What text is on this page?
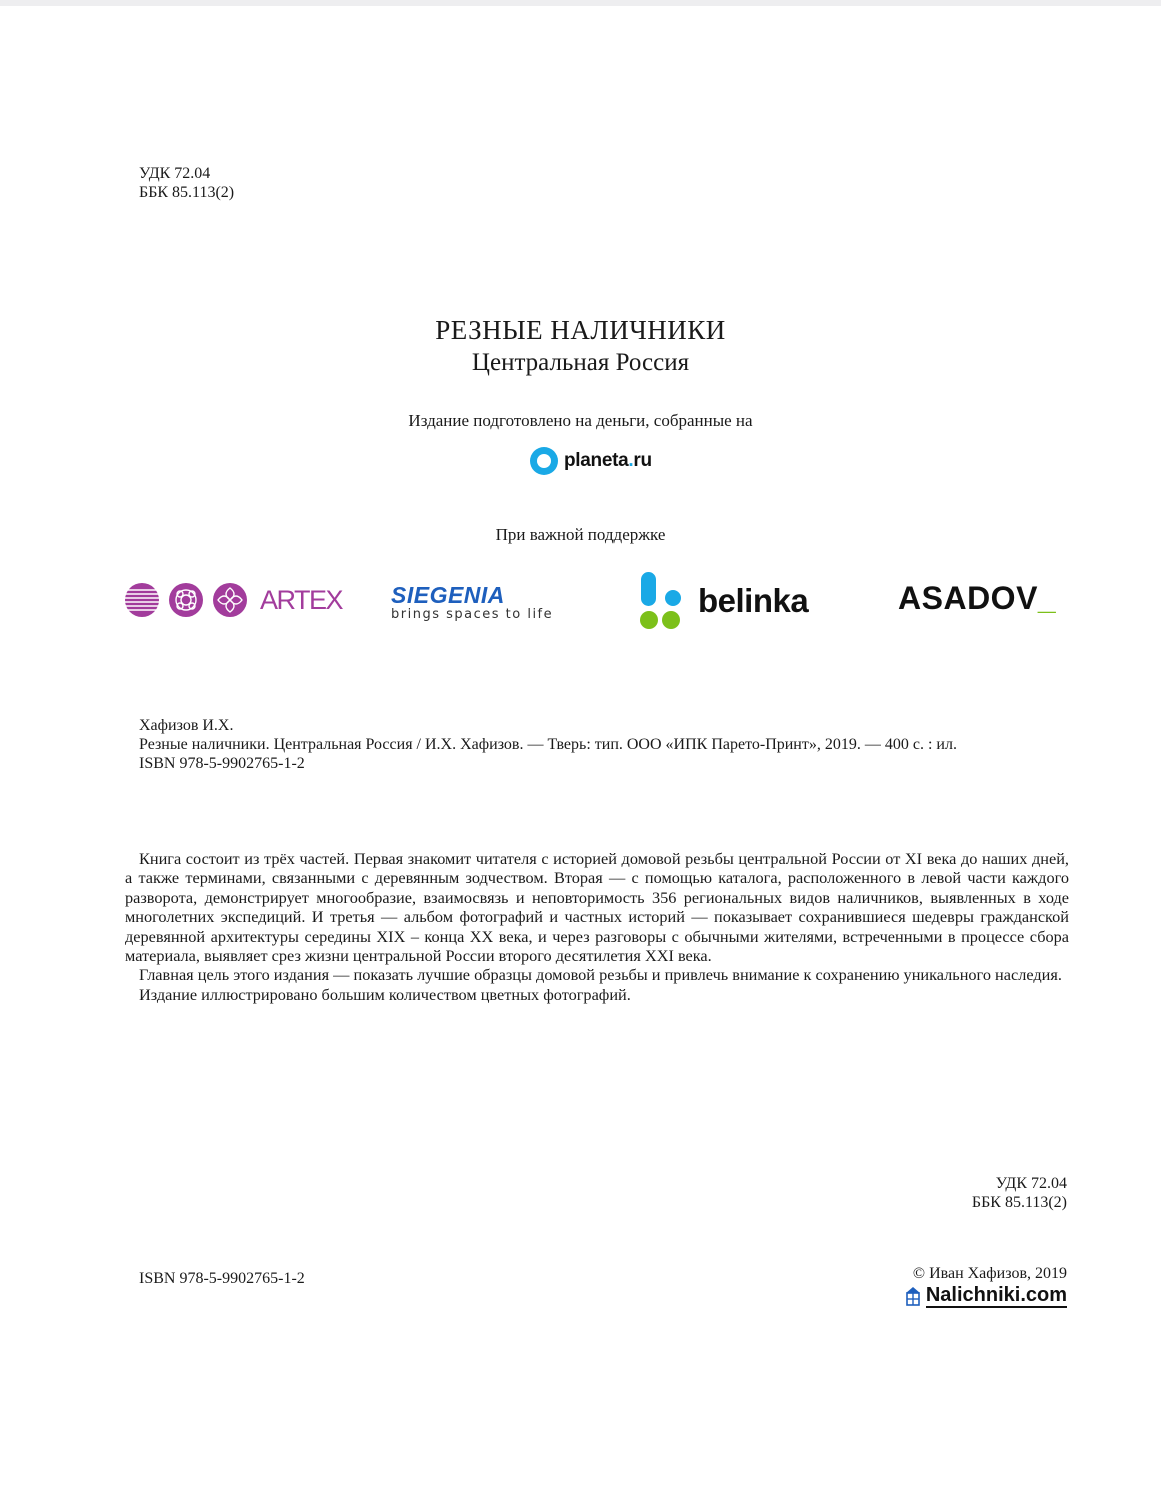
УДК 72.04
ББК 85.113(2)
РЕЗНЫЕ НАЛИЧНИКИ
Центральная Россия
Издание подготовлено на деньги, собранные на
planeta.ru
При важной поддержке
ARTEX SIEGENIA
brings spaces to life	belinka	ASADOV_
Хафизов И.Х.
Резные наличники. Центральная Россия / И.Х. Хафизов. — Тверь: тип. ООО «ИПК Парето-Принт», 2019. — 400 с. : ил.
ISBN 978-5-9902765-1-2

Книга состоит из трёх частей. Первая знакомит читателя с историей домовой резьбы центральной России от XI века до наших дней, а также терминами, связанными с деревянным зодчеством. Вторая — с помощью каталога, расположенного в левой части каждого разворота, демонстрирует многообразие, взаимосвязь и неповторимость 356 региональных видов наличников, выявленных в ходе многолетних экспедиций. И третья — альбом фотографий и частных историй — показывает сохранившиеся шедевры гражданской деревянной архитектуры середины XIX – конца XX века, и через разговоры с обычными жителями, встреченными в процессе сбора материала, выявляет срез жизни центральной России второго десятилетия XXI века.

Главная цель этого издания — показать лучшие образцы домовой резьбы и привлечь внимание к сохранению уникального наследия.

Издание иллюстрировано большим количеством цветных фотографий.

УДК 72.04
ББК 85.113(2)
ISBN 978-5-9902765-1-2	© Иван Хафизов, 2019
Nalichniki.com
